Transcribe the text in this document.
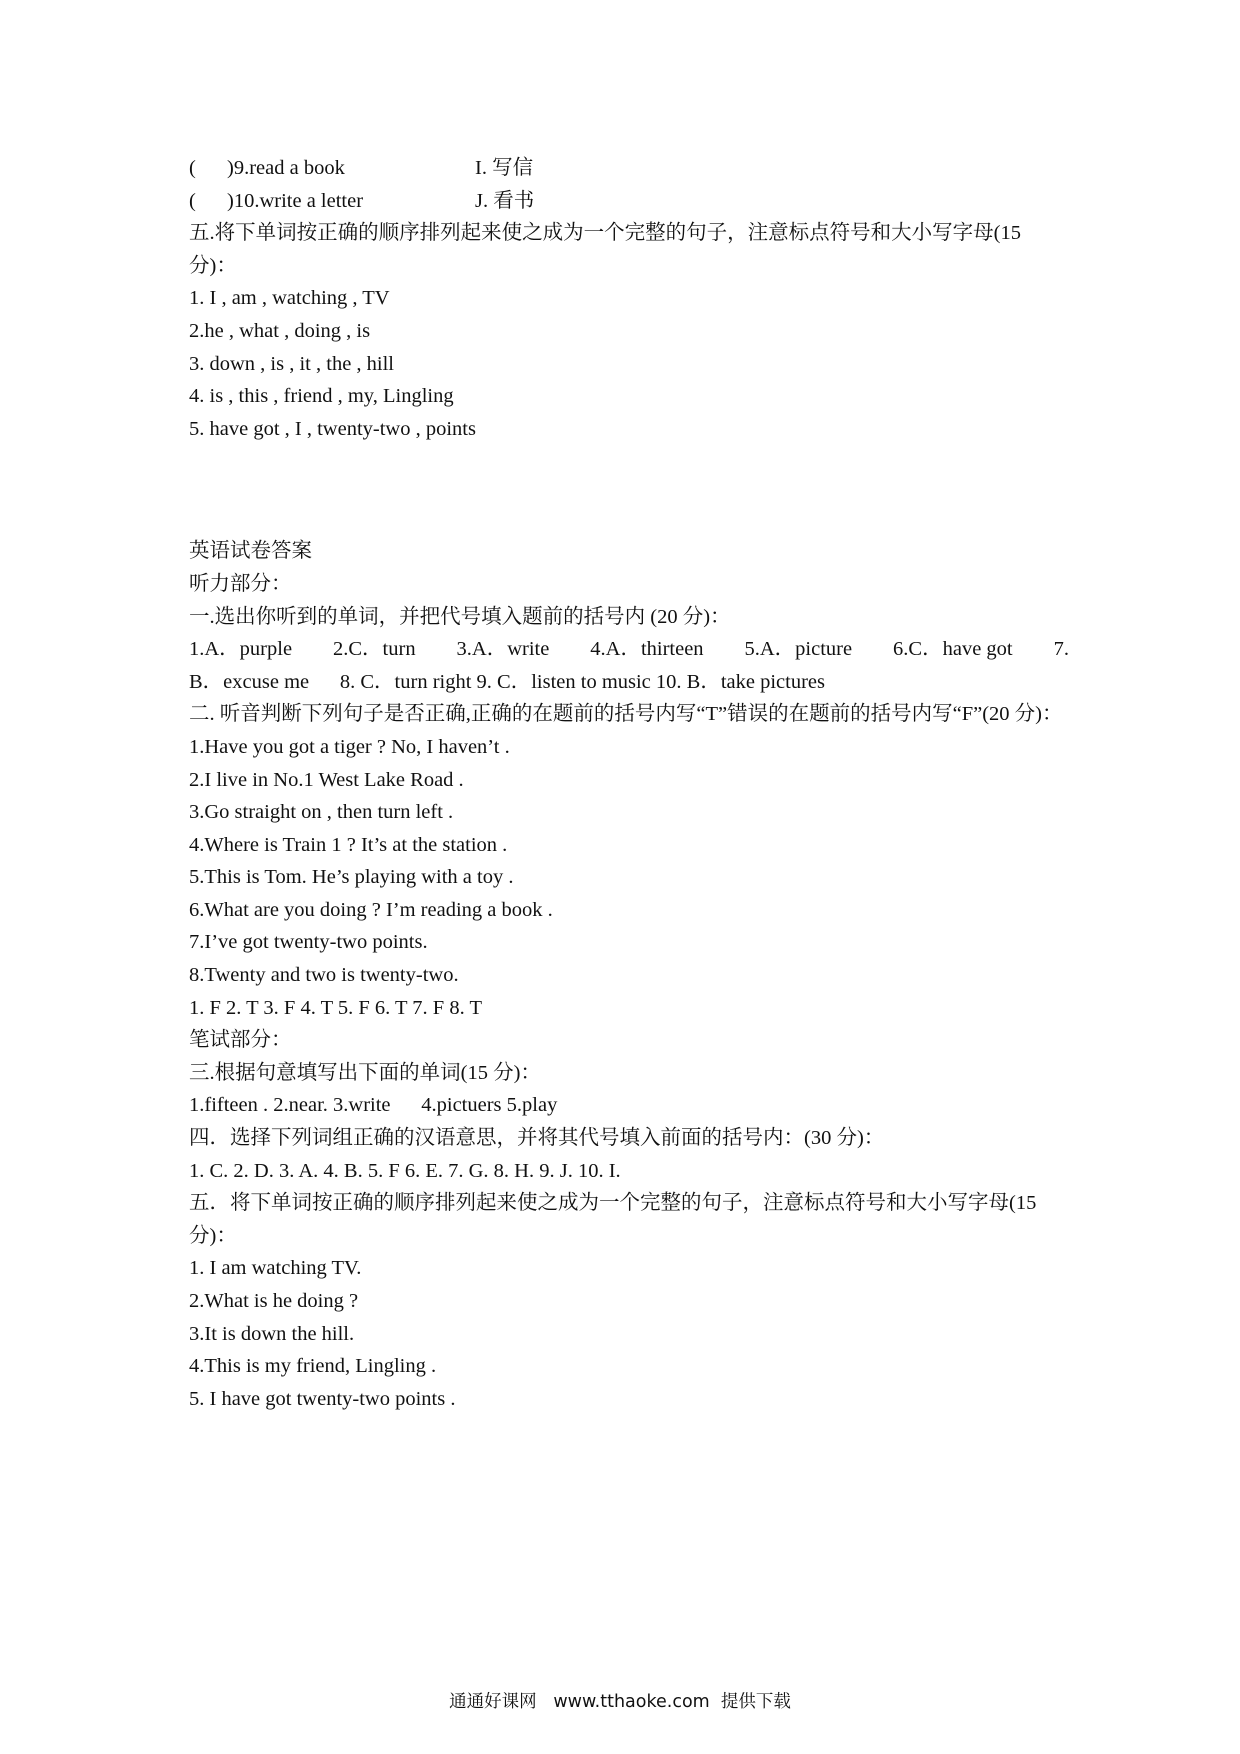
( )9.read a book	I. 写信
( )10.write a letter	J. 看书
五.将下单词按正确的顺序排列起来使之成为一个完整的句子，注意标点符号和大小写字母(15 分)：
1. I , am , watching , TV
2.he , what , doing , is
3. down , is , it , the , hill
4. is , this , friend , my, Lingling
5. have got , I , twenty-two , points
英语试卷答案
听力部分：
一.选出你听到的单词，并把代号填入题前的括号内 (20 分)：
1.A．purple 2.C．turn 3.A．write 4.A．thirteen 5.A．picture 6.C．have got 7.
B．excuse me      8. C．turn right 9. C．listen to music 10. B．take pictures
二. 听音判断下列句子是否正确,正确的在题前的括号内写“T”错误的在题前的括号内写“F”(20 分)：
1.Have you got a tiger ? No, I haven’t .
2.I live in No.1 West Lake Road .
3.Go straight on , then turn left .
4.Where is Train 1 ? It’s at the station .
5.This is Tom. He’s playing with a toy .
6.What are you doing ? I’m reading a book .
7.I’ve got twenty-two points.
8.Twenty and two is twenty-two.
1. F 2. T 3. F 4. T 5. F 6. T 7. F 8. T
笔试部分：
三.根据句意填写出下面的单词(15 分)：
1.fifteen . 2.near. 3.write      4.pictuers 5.play
四．选择下列词组正确的汉语意思，并将其代号填入前面的括号内：(30 分)：
1. C. 2. D. 3. A. 4. B. 5. F 6. E. 7. G. 8. H. 9. J. 10. I.
五．将下单词按正确的顺序排列起来使之成为一个完整的句子，注意标点符号和大小写字母(15 分)：
1. I am watching TV.
2.What is he doing ?
3.It is down the hill.
4.This is my friend, Lingling .
5. I have got twenty-two points .
通通好课网   www.tthaoke.com  提供下载
